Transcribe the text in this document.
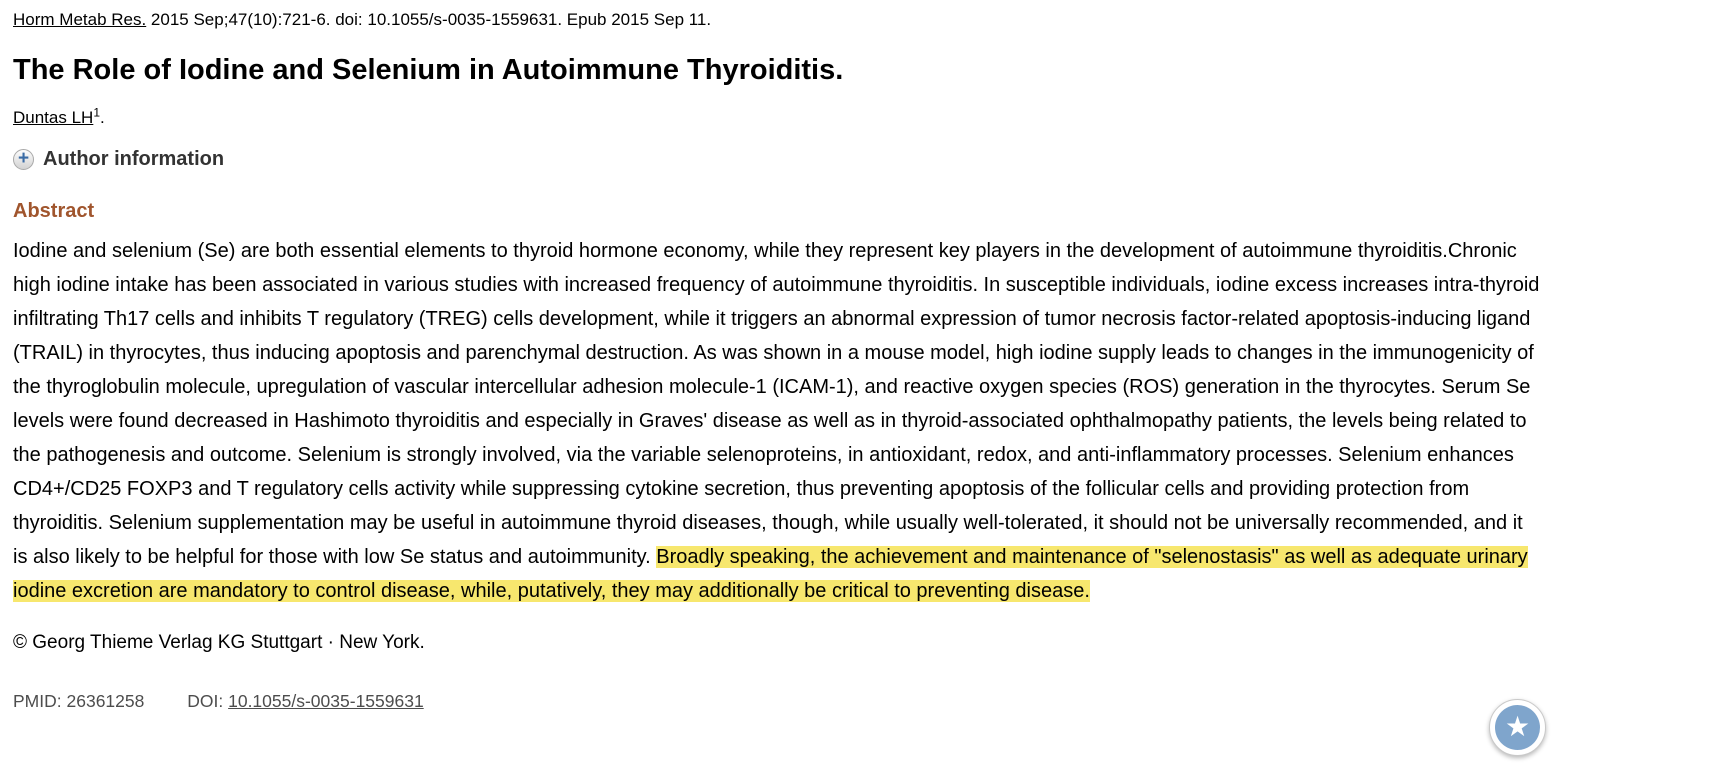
Horm Metab Res. 2015 Sep;47(10):721-6. doi: 10.1055/s-0035-1559631. Epub 2015 Sep 11.
The Role of Iodine and Selenium in Autoimmune Thyroiditis.
Duntas $LH^1$.
+ Author information
Abstract

Iodine and selenium (Se) are both essential elements to thyroid hormone economy, while they represent key players in the development of autoimmune thyroiditis.Chronic high iodine intake has been associated in various studies with increased frequency of autoimmune thyroiditis. In susceptible individuals, iodine excess increases intra-thyroid infiltrating Th17 cells and inhibits T regulatory (TREG) cells development, while it triggers an abnormal expression of tumor necrosis factor-related apoptosis-inducing ligand (TRAIL) in thyrocytes, thus inducing apoptosis and parenchymal destruction. As was shown in a mouse model, high iodine supply leads to changes in the immunogenicity of the thyroglobulin molecule, upregulation of vascular intercellular adhesion molecule-1 (ICAM-1), and reactive oxygen species (ROS) generation in the thyrocytes. Serum Se levels were found decreased in Hashimoto thyroiditis and especially in Graves' disease as well as in thyroid-associated ophthalmopathy patients, the levels being related to the pathogenesis and outcome. Selenium is strongly involved, via the variable selenoproteins, in antioxidant, redox, and anti-inflammatory processes. Selenium enhances CD4+/CD25 FOXP3 and T regulatory cells activity while suppressing cytokine secretion, thus preventing apoptosis of the follicular cells and providing protection from thyroiditis. Selenium supplementation may be useful in autoimmune thyroid diseases, though, while usually well-tolerated, it should not be universally recommended, and it is also likely to be helpful for those with low Se status and autoimmunity. Broadly speaking, the achievement and maintenance of "selenostasis" as well as adequate urinary iodine excretion are mandatory to control disease, while, putatively, they may additionally be critical to preventing disease.

© Georg Thieme Verlag KG Stuttgart · New York.
PMID: 26361258 DOI: 10.1055/s-0035-1559631
★
